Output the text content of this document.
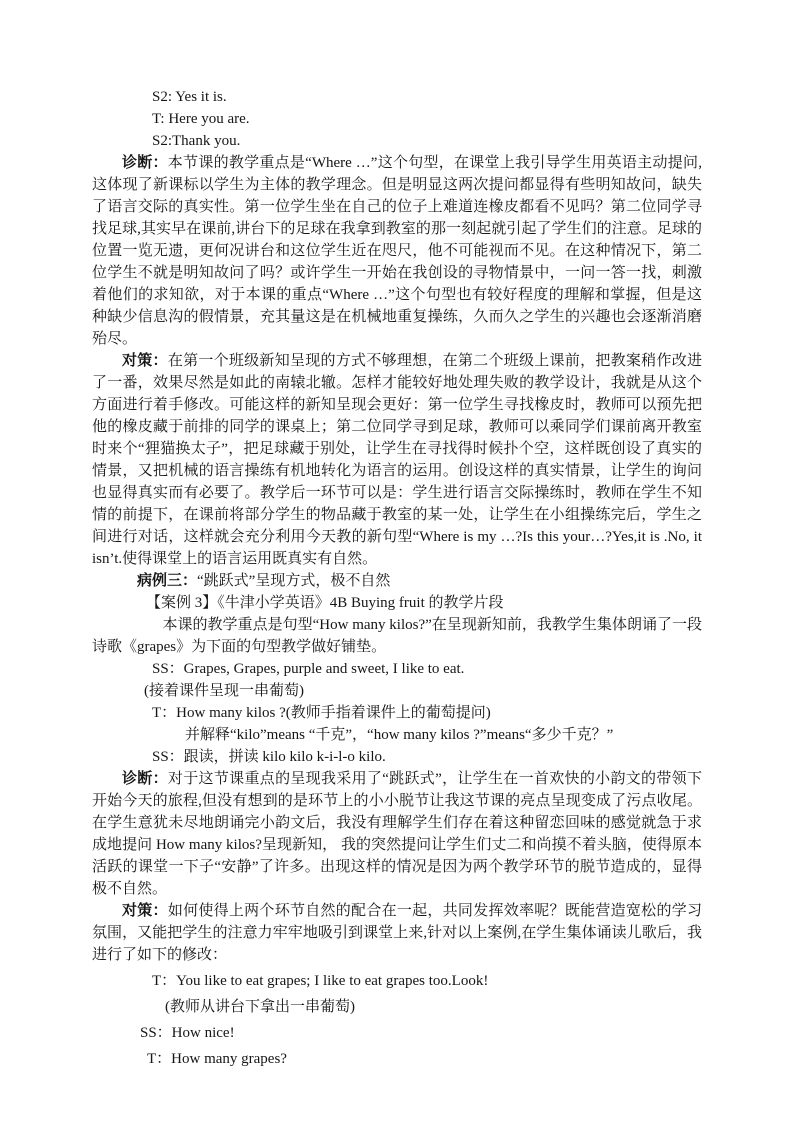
S2: Yes it is.

T: Here you are.

S2:Thank you.

诊断：本节课的教学重点是“Where …”这个句型，在课堂上我引导学生用英语主动提问,这体现了新课标以学生为主体的教学理念。但是明显这两次提问都显得有些明知故问，缺失了语言交际的真实性。第一位学生坐在自己的位子上难道连橡皮都看不见吗？第二位同学寻找足球,其实早在课前,讲台下的足球在我拿到教室的那一刻起就引起了学生们的注意。足球的位置一览无遗，更何况讲台和这位学生近在咫尺，他不可能视而不见。在这种情况下，第二位学生不就是明知故问了吗？或许学生一开始在我创设的寻物情景中，一问一答一找，刺激着他们的求知欲，对于本课的重点“Where …”这个句型也有较好程度的理解和掌握，但是这种缺少信息沟的假情景，充其量这是在机械地重复操练，久而久之学生的兴趣也会逐渐消磨殆尽。

对策：在第一个班级新知呈现的方式不够理想，在第二个班级上课前，把教案稍作改进了一番，效果尽然是如此的南辕北辙。怎样才能较好地处理失败的教学设计，我就是从这个方面进行着手修改。可能这样的新知呈现会更好：第一位学生寻找橡皮时，教师可以预先把他的橡皮藏于前排的同学的课桌上；第二位同学寻到足球，教师可以乘同学们课前离开教室时来个“狸猫换太子”，把足球藏于别处，让学生在寻找得时候扑个空，这样既创设了真实的情景，又把机械的语言操练有机地转化为语言的运用。创设这样的真实情景，让学生的询问也显得真实而有必要了。教学后一环节可以是：学生进行语言交际操练时，教师在学生不知情的前提下，在课前将部分学生的物品藏于教室的某一处，让学生在小组操练完后，学生之间进行对话，这样就会充分利用今天教的新句型“Where is my …?Is this your…?Yes,it is .No, it isn’t.使得课堂上的语言运用既真实有自然。

病例三：“跳跃式”呈现方式，极不自然

【案例 3】《牛津小学英语》4B Buying fruit 的教学片段

本课的教学重点是句型“How many kilos?”在呈现新知前，我教学生集体朗诵了一段诗歌《grapes》为下面的句型教学做好铺垫。

SS：Grapes, Grapes, purple and sweet, I like to eat.

(接着课件呈现一串葡萄)

T：How many kilos ?(教师手指着课件上的葡萄提问)

并解释“kilo”means “千克”，“how many kilos ?”means“多少千克？”

SS：跟读，拼读 kilo kilo k-i-l-o kilo.

诊断：对于这节课重点的呈现我采用了“跳跃式”，让学生在一首欢快的小韵文的带领下开始今天的旅程,但没有想到的是环节上的小小脱节让我这节课的亮点呈现变成了污点收尾。在学生意犹未尽地朗诵完小韵文后，我没有理解学生们存在着这种留恋回味的感觉就急于求成地提问 How many kilos?呈现新知， 我的突然提问让学生们丈二和尚摸不着头脑，使得原本活跃的课堂一下子“安静”了许多。出现这样的情况是因为两个教学环节的脱节造成的，显得极不自然。

对策：如何使得上两个环节自然的配合在一起，共同发挥效率呢？既能营造宽松的学习氛围，又能把学生的注意力牢牢地吸引到课堂上来,针对以上案例,在学生集体诵读儿歌后，我进行了如下的修改：

T：You like to eat grapes; I like to eat grapes too.Look!

(教师从讲台下拿出一串葡萄)

SS：How nice!

T：How many grapes?
